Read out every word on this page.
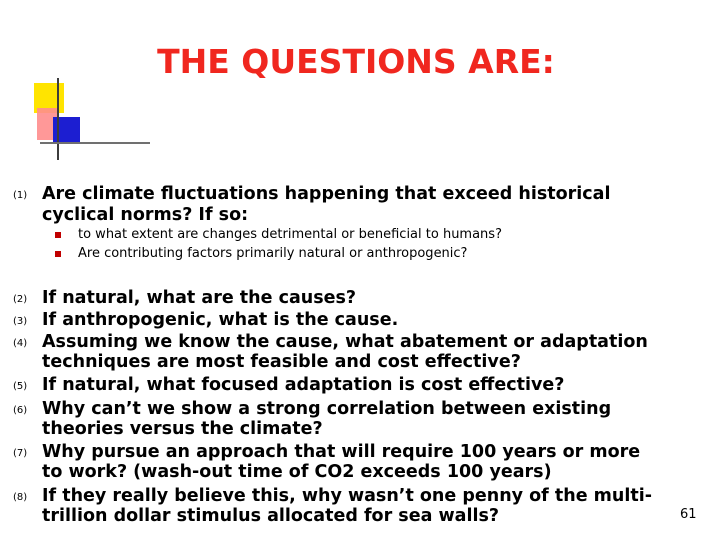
THE QUESTIONS ARE:
(1) Are climate fluctuations happening that exceed historical
cyclical norms? If so:
to what extent are changes detrimental or beneficial to humans?
Are contributing factors primarily natural or anthropogenic?
(2) If natural, what are the causes?
(3) If anthropogenic, what is the cause.
(4) Assuming we know the cause, what abatement or adaptation
techniques are most feasible and cost effective?
(5) If natural, what focused adaptation is cost effective?
(6) Why can’t we show a strong correlation between existing
theories versus the climate?
(7) Why pursue an approach that will require 100 years or more
to work? (wash-out time of CO2 exceeds 100 years)
(8) If they really believe this, why wasn’t one penny of the multi-
trillion dollar stimulus allocated for sea walls?	61
